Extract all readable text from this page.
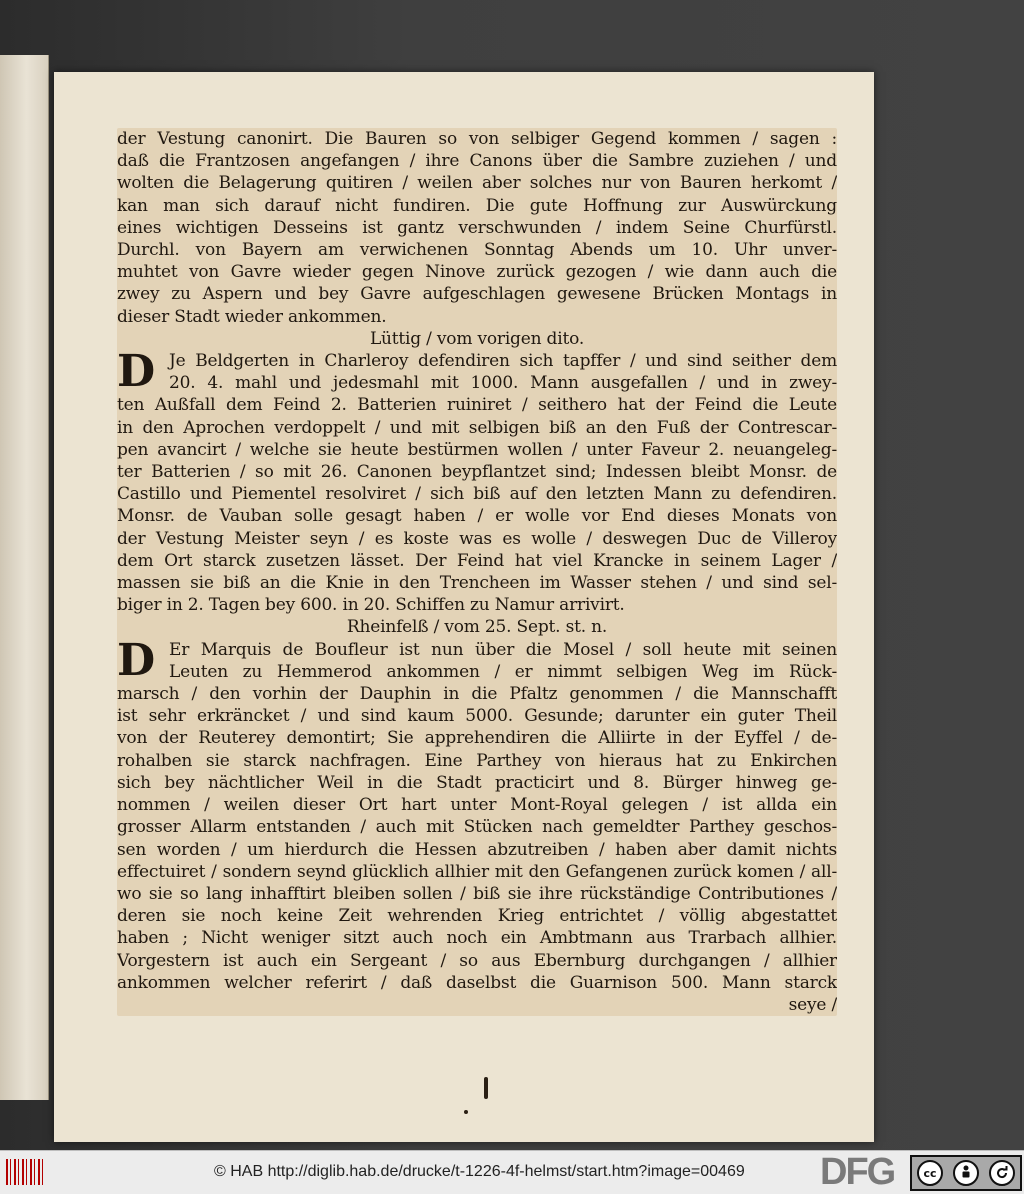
der Vestung canonirt. Die Bauren so von selbiger Gegend kommen / sagen :
daß die Frantzosen angefangen / ihre Canons über die Sambre zuziehen / und
wolten die Belagerung quitiren / weilen aber solches nur von Bauren herkomt /
kan man sich darauf nicht fundiren. Die gute Hoffnung zur Auswürckung
eines wichtigen Desseins ist gantz verschwunden / indem Seine Churfürstl.
Durchl. von Bayern am verwichenen Sonntag Abends um 10. Uhr unver-
muhtet von Gavre wieder gegen Ninove zurück gezogen / wie dann auch die
zwey zu Aspern und bey Gavre aufgeschlagen gewesene Brücken Montags in
dieser Stadt wieder ankommen.
Lüttig / vom vorigen dito.
D Je Beldgerten in Charleroy defendiren sich tapffer / und sind seither dem
20. 4. mahl und jedesmahl mit 1000. Mann ausgefallen / und in zwey-
ten Außfall dem Feind 2. Batterien ruiniret / seithero hat der Feind die Leute
in den Aprochen verdoppelt / und mit selbigen biß an den Fuß der Contrescar-
pen avancirt / welche sie heute bestürmen wollen / unter Faveur 2. neuangeleg-
ter Batterien / so mit 26. Canonen beypflantzet sind; Indessen bleibt Monsr. de
Castillo und Piementel resolviret / sich biß auf den letzten Mann zu defendiren.
Monsr. de Vauban solle gesagt haben / er wolle vor End dieses Monats von
der Vestung Meister seyn / es koste was es wolle / deswegen Duc de Villeroy
dem Ort starck zusetzen lässet. Der Feind hat viel Krancke in seinem Lager /
massen sie biß an die Knie in den Trencheen im Wasser stehen / und sind sel-
biger in 2. Tagen bey 600. in 20. Schiffen zu Namur arrivirt.
Rheinfelß / vom 25. Sept. st. n.
D Er Marquis de Boufleur ist nun über die Mosel / soll heute mit seinen
Leuten zu Hemmerod ankommen / er nimmt selbigen Weg im Rück-
marsch / den vorhin der Dauphin in die Pfaltz genommen / die Mannschafft
ist sehr erkräncket / und sind kaum 5000. Gesunde; darunter ein guter Theil
von der Reuterey demontirt; Sie apprehendiren die Alliirte in der Eyffel / de-
rohalben sie starck nachfragen. Eine Parthey von hieraus hat zu Enkirchen
sich bey nächtlicher Weil in die Stadt practicirt und 8. Bürger hinweg ge-
nommen / weilen dieser Ort hart unter Mont-Royal gelegen / ist allda ein
grosser Allarm entstanden / auch mit Stücken nach gemeldter Parthey geschos-
sen worden / um hierdurch die Hessen abzutreiben / haben aber damit nichts
effectuiret / sondern seynd glücklich allhier mit den Gefangenen zurück komen / all-
wo sie so lang inhafftirt bleiben sollen / biß sie ihre rückständige Contributiones /
deren sie noch keine Zeit wehrenden Krieg entrichtet / völlig abgestattet
haben ; Nicht weniger sitzt auch noch ein Ambtmann aus Trarbach allhier.
Vorgestern ist auch ein Sergeant / so aus Ebernburg durchgangen / allhier
ankommen welcher referirt / daß daselbst die Guarnison 500. Mann starck
seye /
© HAB http://diglib.hab.de/drucke/t-1226-4f-helmst/start.htm?image=00469 DFG	cc
